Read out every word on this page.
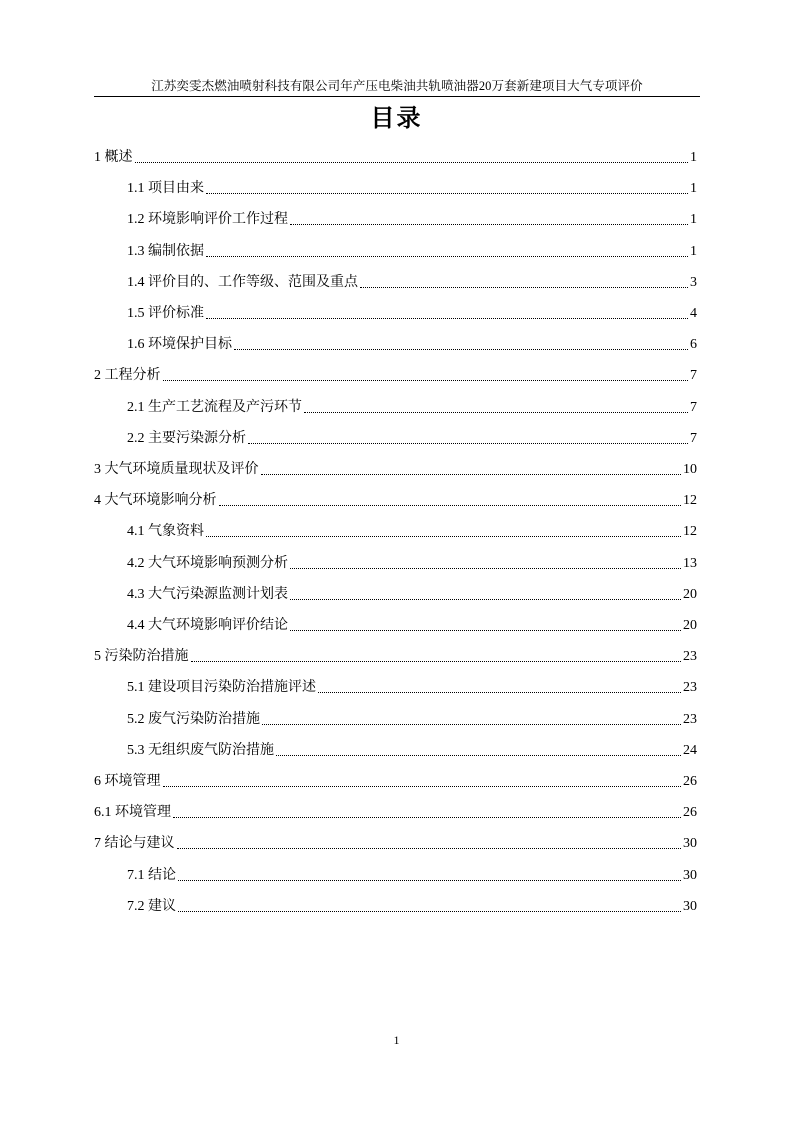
江苏奕雯杰燃油喷射科技有限公司年产压电柴油共轨喷油器20万套新建项目大气专项评价
目录
1 概述	1
1.1 项目由来	1
1.2 环境影响评价工作过程	1
1.3 编制依据	1
1.4 评价目的、工作等级、范围及重点	3
1.5 评价标准	4
1.6 环境保护目标	6
2 工程分析	7
2.1 生产工艺流程及产污环节	7
2.2 主要污染源分析	7
3 大气环境质量现状及评价	10
4 大气环境影响分析	12
4.1 气象资料	12
4.2 大气环境影响预测分析	13
4.3 大气污染源监测计划表	20
4.4 大气环境影响评价结论	20
5 污染防治措施	23
5.1 建设项目污染防治措施评述	23
5.2 废气污染防治措施	23
5.3 无组织废气防治措施	24
6 环境管理	26
6.1 环境管理	26
7 结论与建议	30
7.1 结论	30
7.2 建议	30
1
